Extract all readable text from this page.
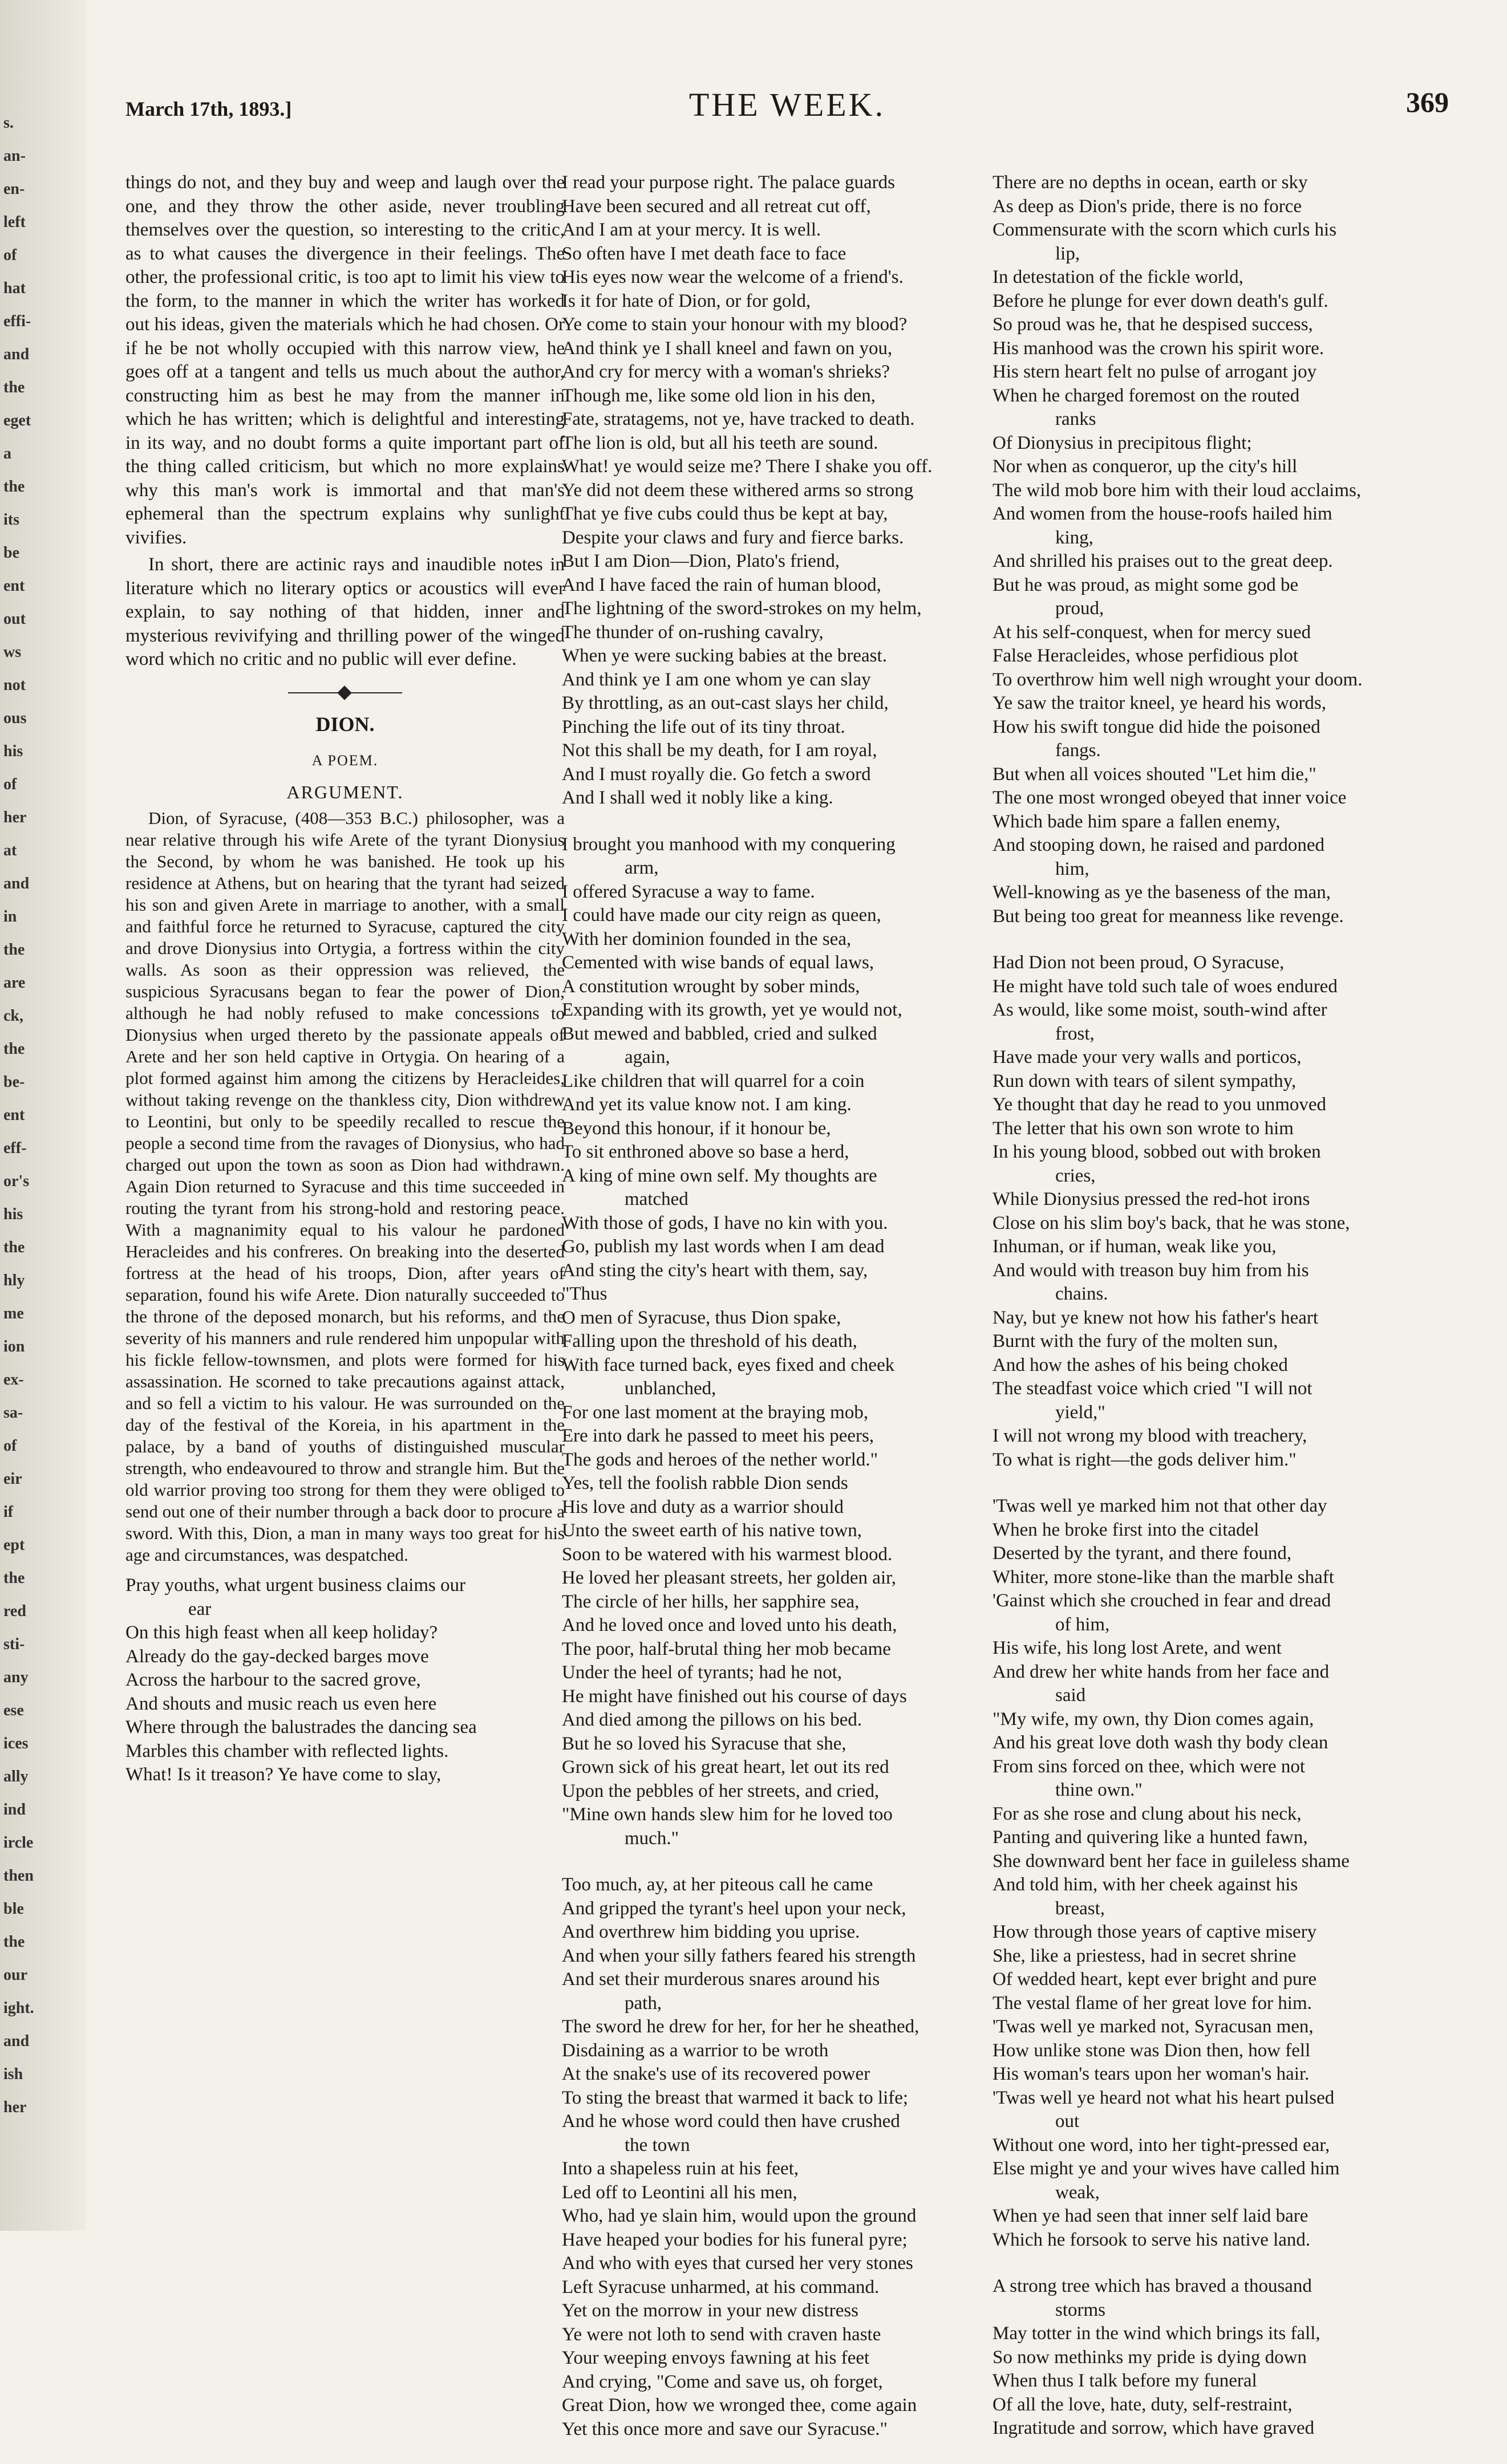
s.
an-
en-
left
of
hat
effi-
and
the
eget
a
the
its
be
ent
out
ws
not
ous
his
of
her
at
and
in
the
are
ck,
the
be-
ent
eff-
or's
his
the
hly
me
ion
ex-
sa-
of
eir
if
ept
the
red
sti-
any
ese
ices
ally
ind
ircle
then
ble
the
our
ight.
and
ish
her
March 17th, 1893.]	THE WEEK.	369

things do not, and they buy and weep and laugh over the one, and they throw the other aside, never troubling themselves over the question, so interesting to the critic, as to what causes the divergence in their feelings. The other, the professional critic, is too apt to limit his view to the form, to the manner in which the writer has worked out his ideas, given the materials which he had chosen. Or if he be not wholly occupied with this narrow view, he goes off at a tangent and tells us much about the author, constructing him as best he may from the manner in which he has written; which is delightful and interesting in its way, and no doubt forms a quite important part of the thing called criticism, but which no more explains why this man's work is immortal and that man's ephemeral than the spectrum explains why sunlight vivifies.

In short, there are actinic rays and inaudible notes in literature which no literary optics or acoustics will ever explain, to say nothing of that hidden, inner and mysterious revivifying and thrilling power of the winged word which no critic and no public will ever define.

DION.
A POEM.
ARGUMENT.

Dion, of Syracuse, (408—353 B.C.) philosopher, was a near relative through his wife Arete of the tyrant Dionysius the Second, by whom he was banished. He took up his residence at Athens, but on hearing that the tyrant had seized his son and given Arete in marriage to another, with a small and faithful force he returned to Syracuse, captured the city and drove Dionysius into Ortygia, a fortress within the city walls. As soon as their oppression was relieved, the suspicious Syracusans began to fear the power of Dion, although he had nobly refused to make concessions to Dionysius when urged thereto by the passionate appeals of Arete and her son held captive in Ortygia. On hearing of a plot formed against him among the citizens by Heracleides, without taking revenge on the thankless city, Dion withdrew to Leontini, but only to be speedily recalled to rescue the people a second time from the ravages of Dionysius, who had charged out upon the town as soon as Dion had withdrawn. Again Dion returned to Syracuse and this time succeeded in routing the tyrant from his strong-hold and restoring peace. With a magnanimity equal to his valour he pardoned Heracleides and his confreres. On breaking into the deserted fortress at the head of his troops, Dion, after years of separation, found his wife Arete. Dion naturally succeeded to the throne of the deposed monarch, but his reforms, and the severity of his manners and rule rendered him unpopular with his fickle fellow-townsmen, and plots were formed for his assassination. He scorned to take precautions against attack, and so fell a victim to his valour. He was surrounded on the day of the festival of the Koreia, in his apartment in the palace, by a band of youths of distinguished muscular strength, who endeavoured to throw and strangle him. But the old warrior proving too strong for them they were obliged to send out one of their number through a back door to procure a sword. With this, Dion, a man in many ways too great for his age and circumstances, was despatched.

Pray youths, what urgent business claims our
ear
On this high feast when all keep holiday?
Already do the gay-decked barges move
Across the harbour to the sacred grove,
And shouts and music reach us even here
Where through the balustrades the dancing sea
Marbles this chamber with reflected lights.
What! Is it treason? Ye have come to slay,
I read your purpose right. The palace guards
Have been secured and all retreat cut off,
And I am at your mercy. It is well.
So often have I met death face to face
His eyes now wear the welcome of a friend's.
Is it for hate of Dion, or for gold,
Ye come to stain your honour with my blood?
And think ye I shall kneel and fawn on you,
And cry for mercy with a woman's shrieks?
Though me, like some old lion in his den,
Fate, stratagems, not ye, have tracked to death.
The lion is old, but all his teeth are sound.
What! ye would seize me? There I shake you off.
Ye did not deem these withered arms so strong
That ye five cubs could thus be kept at bay,
Despite your claws and fury and fierce barks.
But I am Dion—Dion, Plato's friend,
And I have faced the rain of human blood,
The lightning of the sword-strokes on my helm,
The thunder of on-rushing cavalry,
When ye were sucking babies at the breast.
And think ye I am one whom ye can slay
By throttling, as an out-cast slays her child,
Pinching the life out of its tiny throat.
Not this shall be my death, for I am royal,
And I must royally die. Go fetch a sword
And I shall wed it nobly like a king.
I brought you manhood with my conquering
arm,
I offered Syracuse a way to fame.
I could have made our city reign as queen,
With her dominion founded in the sea,
Cemented with wise bands of equal laws,
A constitution wrought by sober minds,
Expanding with its growth, yet ye would not,
But mewed and babbled, cried and sulked
again,
Like children that will quarrel for a coin
And yet its value know not. I am king.
Beyond this honour, if it honour be,
To sit enthroned above so base a herd,
A king of mine own self. My thoughts are
matched
With those of gods, I have no kin with you.
Go, publish my last words when I am dead
And sting the city's heart with them, say,
"Thus
O men of Syracuse, thus Dion spake,
Falling upon the threshold of his death,
With face turned back, eyes fixed and cheek
unblanched,
For one last moment at the braying mob,
Ere into dark he passed to meet his peers,
The gods and heroes of the nether world."
Yes, tell the foolish rabble Dion sends
His love and duty as a warrior should
Unto the sweet earth of his native town,
Soon to be watered with his warmest blood.
He loved her pleasant streets, her golden air,
The circle of her hills, her sapphire sea,
And he loved once and loved unto his death,
The poor, half-brutal thing her mob became
Under the heel of tyrants; had he not,
He might have finished out his course of days
And died among the pillows on his bed.
But he so loved his Syracuse that she,
Grown sick of his great heart, let out its red
Upon the pebbles of her streets, and cried,
"Mine own hands slew him for he loved too
much."
Too much, ay, at her piteous call he came
And gripped the tyrant's heel upon your neck,
And overthrew him bidding you uprise.
And when your silly fathers feared his strength
And set their murderous snares around his
path,
The sword he drew for her, for her he sheathed,
Disdaining as a warrior to be wroth
At the snake's use of its recovered power
To sting the breast that warmed it back to life;
And he whose word could then have crushed
the town
Into a shapeless ruin at his feet,
Led off to Leontini all his men,
Who, had ye slain him, would upon the ground
Have heaped your bodies for his funeral pyre;
And who with eyes that cursed her very stones
Left Syracuse unharmed, at his command.
Yet on the morrow in your new distress
Ye were not loth to send with craven haste
Your weeping envoys fawning at his feet
And crying, "Come and save us, oh forget,
Great Dion, how we wronged thee, come again
Yet this once more and save our Syracuse."
There are no depths in ocean, earth or sky
As deep as Dion's pride, there is no force
Commensurate with the scorn which curls his
lip,
In detestation of the fickle world,
Before he plunge for ever down death's gulf.
So proud was he, that he despised success,
His manhood was the crown his spirit wore.
His stern heart felt no pulse of arrogant joy
When he charged foremost on the routed
ranks
Of Dionysius in precipitous flight;
Nor when as conqueror, up the city's hill
The wild mob bore him with their loud acclaims,
And women from the house-roofs hailed him
king,
And shrilled his praises out to the great deep.
But he was proud, as might some god be
proud,
At his self-conquest, when for mercy sued
False Heracleides, whose perfidious plot
To overthrow him well nigh wrought your doom.
Ye saw the traitor kneel, ye heard his words,
How his swift tongue did hide the poisoned
fangs.
But when all voices shouted "Let him die,"
The one most wronged obeyed that inner voice
Which bade him spare a fallen enemy,
And stooping down, he raised and pardoned
him,
Well-knowing as ye the baseness of the man,
But being too great for meanness like revenge.
Had Dion not been proud, O Syracuse,
He might have told such tale of woes endured
As would, like some moist, south-wind after
frost,
Have made your very walls and porticos,
Run down with tears of silent sympathy,
Ye thought that day he read to you unmoved
The letter that his own son wrote to him
In his young blood, sobbed out with broken
cries,
While Dionysius pressed the red-hot irons
Close on his slim boy's back, that he was stone,
Inhuman, or if human, weak like you,
And would with treason buy him from his
chains.
Nay, but ye knew not how his father's heart
Burnt with the fury of the molten sun,
And how the ashes of his being choked
The steadfast voice which cried "I will not
yield,"
I will not wrong my blood with treachery,
To what is right—the gods deliver him."
'Twas well ye marked him not that other day
When he broke first into the citadel
Deserted by the tyrant, and there found,
Whiter, more stone-like than the marble shaft
'Gainst which she crouched in fear and dread
of him,
His wife, his long lost Arete, and went
And drew her white hands from her face and
said
"My wife, my own, thy Dion comes again,
And his great love doth wash thy body clean
From sins forced on thee, which were not
thine own."
For as she rose and clung about his neck,
Panting and quivering like a hunted fawn,
She downward bent her face in guileless shame
And told him, with her cheek against his
breast,
How through those years of captive misery
She, like a priestess, had in secret shrine
Of wedded heart, kept ever bright and pure
The vestal flame of her great love for him.
'Twas well ye marked not, Syracusan men,
How unlike stone was Dion then, how fell
His woman's tears upon her woman's hair.
'Twas well ye heard not what his heart pulsed
out
Without one word, into her tight-pressed ear,
Else might ye and your wives have called him
weak,
When ye had seen that inner self laid bare
Which he forsook to serve his native land.
A strong tree which has braved a thousand
storms
May totter in the wind which brings its fall,
So now methinks my pride is dying down
When thus I talk before my funeral
Of all the love, hate, duty, self-restraint,
Ingratitude and sorrow, which have graved
